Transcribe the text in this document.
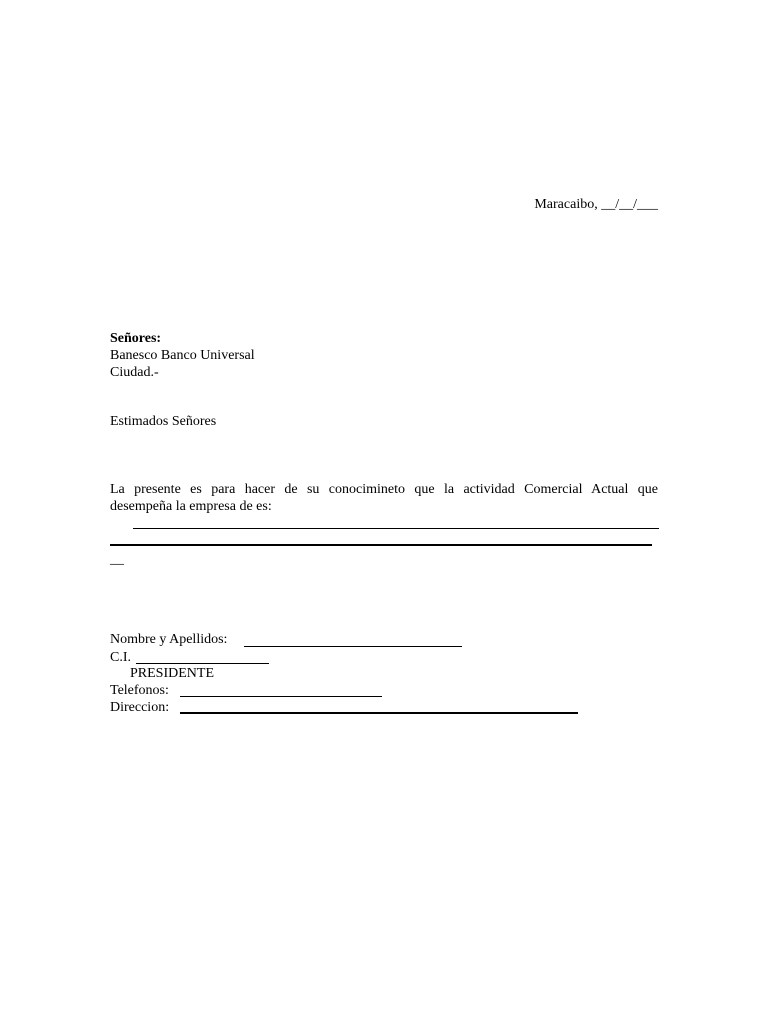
Maracaibo, __/__/___
Señores:
Banesco Banco Universal
Ciudad.-
Estimados Señores
La presente es para hacer de su conocimineto que la actividad Comercial Actual que
desempeña la empresa de es:
__
Nombre y Apellidos:
C.I.
PRESIDENTE
Telefonos:
Direccion:
